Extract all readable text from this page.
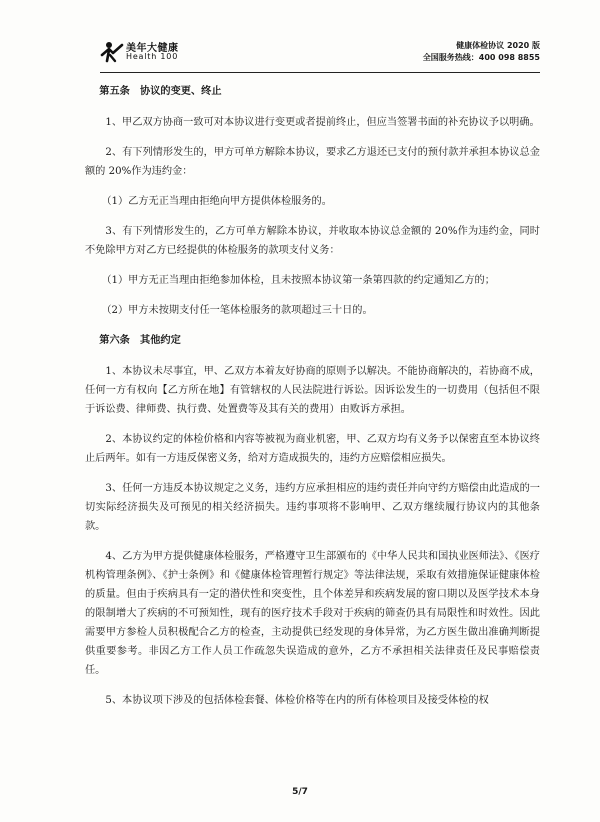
美年大健康
Health 100
健康体检协议 2020 版
全国服务热线：400 098 8855

第五条　协议的变更、终止

1、甲乙双方协商一致可对本协议进行变更或者提前终止，但应当签署书面的补充协议予以明确。

2、有下列情形发生的，甲方可单方解除本协议，要求乙方退还已支付的预付款并承担本协议总金额的 20%作为违约金：

（1）乙方无正当理由拒绝向甲方提供体检服务的。

3、有下列情形发生的，乙方可单方解除本协议，并收取本协议总金额的 20%作为违约金，同时不免除甲方对乙方已经提供的体检服务的款项支付义务：

（1）甲方无正当理由拒绝参加体检，且未按照本协议第一条第四款的约定通知乙方的；

（2）甲方未按期支付任一笔体检服务的款项超过三十日的。

第六条　其他约定

1、本协议未尽事宜，甲、乙双方本着友好协商的原则予以解决。不能协商解决的，若协商不成，任何一方有权向【乙方所在地】有管辖权的人民法院进行诉讼。因诉讼发生的一切费用（包括但不限于诉讼费、律师费、执行费、处置费等及其有关的费用）由败诉方承担。

2、本协议约定的体检价格和内容等被视为商业机密，甲、乙双方均有义务予以保密直至本协议终止后两年。如有一方违反保密义务，给对方造成损失的，违约方应赔偿相应损失。

3、任何一方违反本协议规定之义务，违约方应承担相应的违约责任并向守约方赔偿由此造成的一切实际经济损失及可预见的相关经济损失。违约事项将不影响甲、乙双方继续履行协议内的其他条款。

4、乙方为甲方提供健康体检服务，严格遵守卫生部颁布的《中华人民共和国执业医师法》、《医疗机构管理条例》、《护士条例》和《健康体检管理暂行规定》等法律法规，采取有效措施保证健康体检的质量。但由于疾病具有一定的潜伏性和突变性，且个体差异和疾病发展的窗口期以及医学技术本身的限制增大了疾病的不可预知性，现有的医疗技术手段对于疾病的筛查仍具有局限性和时效性。因此需要甲方参检人员积极配合乙方的检查，主动提供已经发现的身体异常，为乙方医生做出准确判断提供重要参考。非因乙方工作人员工作疏忽失误造成的意外，乙方不承担相关法律责任及民事赔偿责任。

5、本协议项下涉及的包括体检套餐、体检价格等在内的所有体检项目及接受体检的权

5/7
